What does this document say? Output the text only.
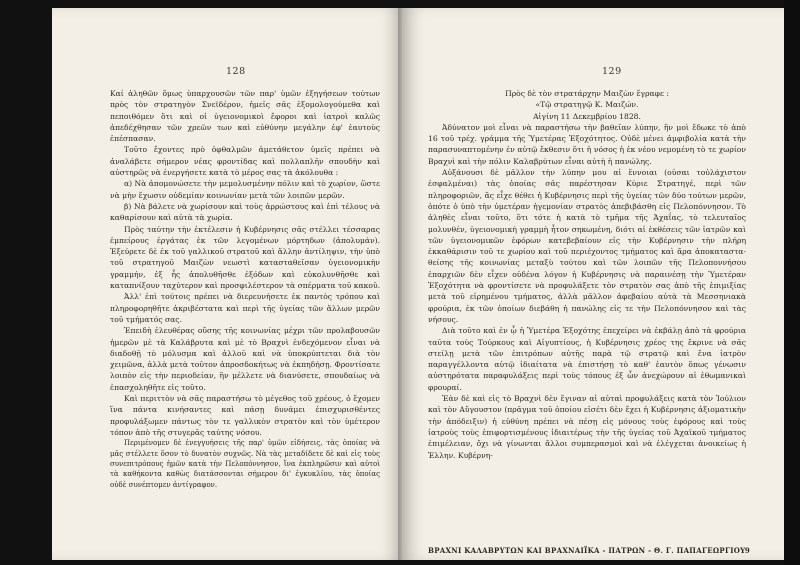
128

Καί ἀληθῶν ὅμως ὑπαρχουσῶν τῶν παρ' ὑμῶν ἐξηγήσεων τούτων πρὸς τὸν στρατηγὸν Σνεϊδέρον, ἡμεῖς σᾶς ἐξομολογούμεθα καὶ πεποιθόμεν ὅτι καὶ οἱ ὑγειονομικοὶ ἔφοροι καὶ ἰατροὶ καλῶς ἀπεδέχθησαν τῶν χρεῶν των καὶ εὐθύνην μεγάλην ἐφ' ἑαυτοὺς ἐπέσπασαν.

Τοῦτο ἔχοντες πρὸ ὀφθαλμῶν ἀμετάθετον ὑμεῖς πρέπει νὰ ἀναλάβετε σήμερον νέας φροντίδας καὶ πολλαπλῆν σπουδὴν καὶ αὐστηρῶς νὰ ἐνεργήσετε κατὰ τὸ μέρος σας τὰ ἀκόλουθα :

α) Νὰ ἀπομονώσετε τὴν μεμολυσμένην πόλιν καὶ τὸ χωρίον, ὥστε νὰ μὴν ἔχωσιν οὐδεμίαν κοινωνίαν μετὰ τῶν λοιπῶν μερῶν.

β) Νὰ βάλετε νὰ χωρίσουν καὶ τοὺς ἀρρώστους καὶ ἐπὶ τέλους νὰ καθαρίσουν καὶ αὐτὰ τὰ χωρία.

Πρὸς ταύτην τὴν ἐκτέλεσιν ἡ Κυβέρνησις σᾶς στέλλει τέσσαρας ἐμπείρους ἐργάτας ἐκ τῶν λεγομένων μόρτηδων (ἀπολυμάν). Ἐξεύρετε δὲ ἐκ τοῦ γαλλικοῦ στρατοῦ καὶ ἄλλην ἀντίληψιν, τὴν ὑπὸ τοῦ στρατηγοῦ Μαιζὼν νεωστὶ κατασταθεῖσαν ὑγειονομικὴν γραμμήν, ἐξ ἧς ἀπολυθῆσθε ἐξόδων καὶ εὐκολυνθῆσθε καὶ καταπνίξουν ταχύτερον καὶ προσφιλέστερον τὰ σπέρματα τοῦ κακοῦ.

Ἀλλ' ἐπὶ τούτοις πρέπει νὰ διερευνήσετε ἐκ παντὸς τρόπου καὶ πληροφορηθῆτε ἀκριβέστατα καὶ περὶ τῆς ὑγείας τῶν ἄλλων μερῶν τοῦ τμήματός σας.

Ἐπειδὴ ἐλευθέρας οὔσης τῆς κοινωνίας μέχρι τῶν προλαβουσῶν ἡμερῶν μὲ τὰ Καλάβρυτα καὶ μὲ τὸ Βραχνὶ ἐνδεχόμενον εἶναι νὰ διαδοθῇ τὸ μόλυσμα καὶ ἀλλοῦ καὶ νὰ ὑποκρύπτεται διὰ τὸν χειμῶνα, ἀλλὰ μετὰ τοῦτον ἀπροσδοκήτως νὰ ἐκπηδήσῃ. Φροντίσατε λοιπὸν εἰς τὴν περιοδείαν, ἣν μέλλετε νὰ διανύσετε, σπουδαίως νὰ ἐπασχοληθῆτε εἰς τοῦτο.

Καὶ περιττὸν νὰ σᾶς παραστήσω τὸ μέγεθος τοῦ χρέους, ὁ ἔχομεν ἵνα πάντα κινήσαντες καὶ πάσῃ δυνάμει ἐπισχυρισθέντες προφυλάξωμεν πάντως τὸν τε γαλλικὸν στρατὸν καὶ τὸν ὑμέτερον τόπον ἀπὸ τῆς στυγερᾶς ταύτης νόσου.

Περιμένομεν δὲ ἐνεγγυήσεις τῆς παρ' ὑμῶν εἰδήσεις, τὰς ὁποίας νὰ μᾶς στέλλετε ὅσον τὸ δυνατὸν συχνῶς. Νὰ τὰς μεταδίδετε δὲ καὶ εἰς τοὺς συνεπιτρόπους ἡμῶν κατὰ τὴν Πελοπόννησον, ἵνα ἐκπληρῶσιν καὶ αὐτοὶ τὰ καθήκοντα καθὼς διατάσσονται σήμερον δι' ἐγκυκλίου, τὰς ὁποίας οὐδὲ συνέπτομεν ἀντίγραφον.

129

Πρὸς δὲ τὸν στρατάρχην Μαιζὼν ἔγραφε :

«Τῷ στρατηγῷ Κ. Μαιζών.

Αἰγίνη 11 Δεκεμβρίου 1828.

Ἀδύνατον μοὶ εἶναι νὰ παραστήσω τὴν βαθεῖαν λύπην, ἣν μοὶ ἔδωκε τὸ ἀπὸ 16 τοῦ τρέχ. γράμμα τῆς Ὑμετέρας Ἐξοχότητος. Οὐδὲ μένει ἀμφιβολία κατὰ τὴν παρασυναπτομένην ἐν αὐτῷ ἔκθεσιν ὅτι ἡ νόσος ἡ ἐκ νέου νεμομένη τὸ τε χωρίον Βραχνὶ καὶ τὴν πόλιν Καλαβρύτων εἶναι αὐτὴ ἡ πανώλης.

Αὐξάνουσι δὲ μᾶλλον τὴν λύπην μου αἱ ἔννοιαι (οὐσαι τοὐλάχιστον ἐσφαλμέναι) τὰς ὁποίας σᾶς παρέστησαν Κύριε Στρατηγέ, περὶ τῶν πληροφοριῶν, ἃς εἶχε θέθει ἡ Κυβέρνησις περὶ τῆς ὑγείας τῶν δύο τούτων μερῶν, ὁπότε ὁ ὑπὸ τὴν ὑμετέραν ἡγεμονίαν στρατὸς ἀπεβιβάσθη εἰς Πελοπόννησον. Τὸ ἀληθὲς εἶναι τοῦτο, ὅτι τότε ἡ κατὰ τὸ τμῆμα τῆς Ἀχαΐας, τὸ τελευταῖος μολυνθέν, ὑγειονομικὴ γραμμὴ ἦτον σηκωμένη, διότι αἱ ἐκθέσεις τῶν ἰατρῶν καὶ τῶν ὑγειονομικῶν ἐφόρων κατεβεβαίουν εἰς τὴν Κυβέρνησιν τὴν πλήρη ἐκκαθάρισιν τοῦ τε χωρίου καὶ τοῦ περιέχοντος τμήματος καὶ ἄρα ἀποκατασταθείσης τῆς κοινωνίας μεταξὺ τούτου καὶ τῶν λοιπῶν τῆς Πελοποννήσου ἐπαρχιῶν δὲν εἶχεν οὐδένα λόγον ἡ Κυβέρνησις νὰ παραινέσῃ τὴν Ὑμετέραν Ἐξοχότητα νὰ φροντίσετε νὰ προφυλάξετε τὸν στρατὸν σας ἀπὸ τῆς ἐπιμιξίας μετὰ τοῦ εἰρημένου τμήματος, ἀλλὰ μᾶλλον ἀφεβαίου αὐτὰ τὰ Μεσσηνιακὰ φρούρια, ἐκ τῶν ὁποίων διεβάθη ἡ πανώλης εἰς τε τὴν Πελοπόννησον καὶ τὰς νήσους.

Διὰ τοῦτο καὶ ἐν ᾧ ἡ Ὑμετέρα Ἐξοχότης ἐπεχείρει νὰ ἐκβάλῃ ἀπὸ τὰ φρούρια ταῦτα τοὺς Τούρκους καὶ Αἰγυπτίους, ἡ Κυβέρνησις χρέος της ἔκρινε νὰ σᾶς στείλῃ μετὰ τῶν ἐπιτρόπων αὐτῆς παρὰ τῷ στρατῷ καὶ ἕνα ἰατρὸν παραγγέλλοντα αὐτῷ ἰδιαίτατα νὰ ἐπιστήσῃ τὸ καθ' ἑαυτὸν ὅπως γένωσιν αὐστηρότατα παραφυλάξεις περὶ τοὺς τόπους ἐξ ὧν ἀνεχώρουν αἱ ἐθωμανικαὶ φρουραί.

Ἐὰν δὲ καὶ εἰς τὸ Βραχνὶ δὲν ἔγιναν αἱ αὐταὶ προφυλάξεις κατὰ τὸν Ἰούλιον καὶ τὸν Αὔγουστον (πρᾶγμα τοῦ ὁποίου εἰσέτι δὲν ἔχει ἡ Κυβέρνησις ἀξιοματικὴν τὴν ἀπόδειξιν) ἡ εὐθύνη πρέπει νὰ πέσῃ εἰς μόνους τοὺς ἐφόρους καὶ τοὺς ἰατροὺς τοὺς ἐπιφορτισμένους ἰδιαιτέρως τὴν τῆς ὑγείας τοῦ Ἀχαϊκοῦ τμήματος ἐπιμέλειαν, ὄχι νὰ γίνωνται ἄλλοι συμπερασμοὶ καὶ νὰ ἐλέγχεται ἀνοικείως ἡ Ἑλλην. Κυβέρνη-

ΒΡΑΧΝΙ ΚΑΛΑΒΡΥΤΩΝ ΚΑΙ ΒΡΑΧΝΑΙΪΚΑ - ΠΑΤΡΩΝ - Θ. Γ. ΠΑΠΑΓΕΩΡΓΙΟΥ 9
